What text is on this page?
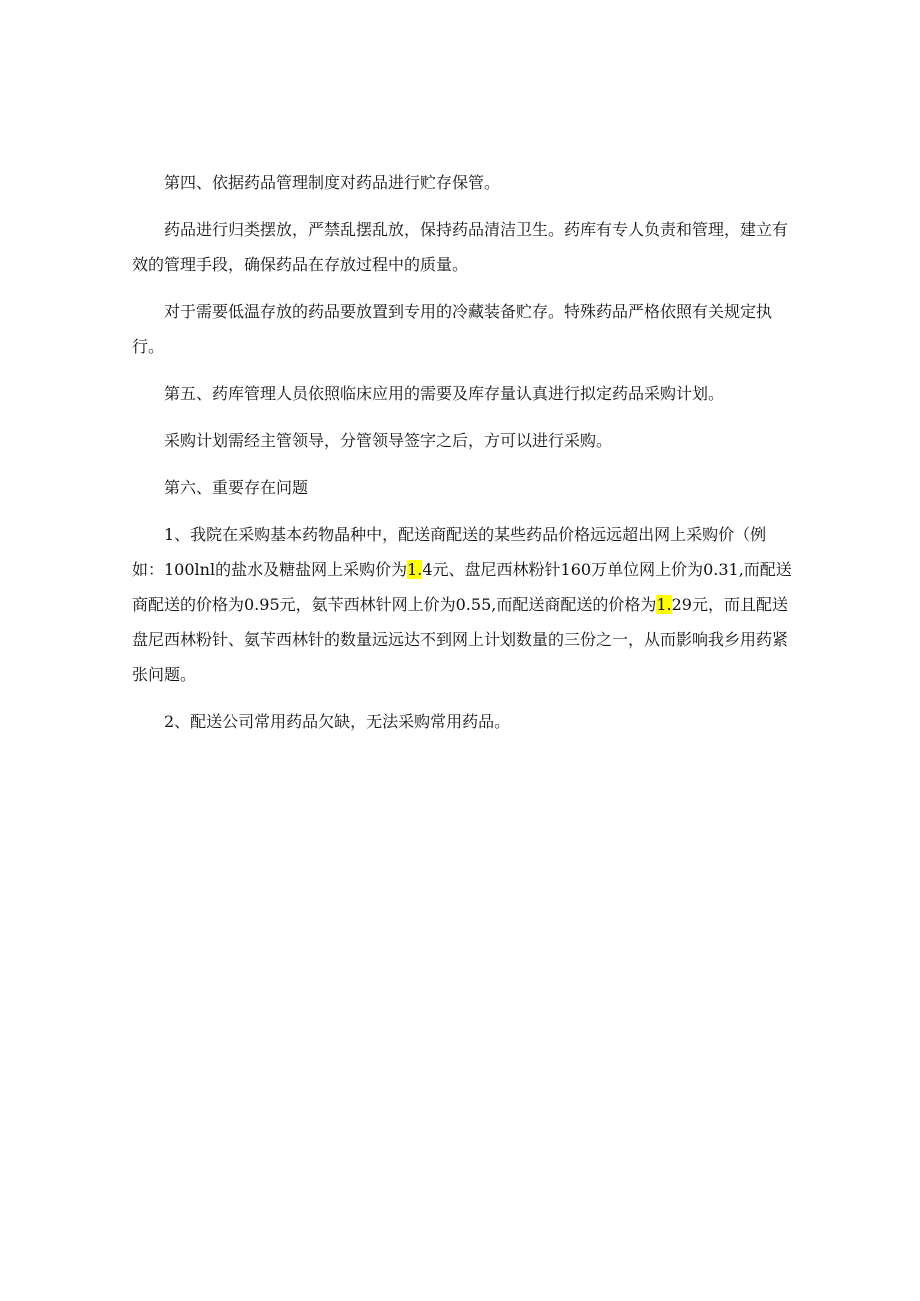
第四、依据药品管理制度对药品进行贮存保管。

药品进行归类摆放，严禁乱摆乱放，保持药品清洁卫生。药库有专人负责和管理，建立有效的管理手段，确保药品在存放过程中的质量。

对于需要低温存放的药品要放置到专用的冷藏装备贮存。特殊药品严格依照有关规定执行。

第五、药库管理人员依照临床应用的需要及库存量认真进行拟定药品采购计划。

采购计划需经主管领导，分管领导签字之后，方可以进行采购。

第六、重要存在问题

1、我院在采购基本药物晶种中，配送商配送的某些药品价格远远超出网上采购价（例如：100lnl的盐水及糖盐网上采购价为1.4元、盘尼西林粉针160万单位网上价为0.31,而配送商配送的价格为0.95元，氨苄西林针网上价为0.55,而配送商配送的价格为1.29元，而且配送盘尼西林粉针、氨苄西林针的数量远远达不到网上计划数量的三份之一，从而影响我乡用药紧张问题。

2、配送公司常用药品欠缺，无法采购常用药品。
